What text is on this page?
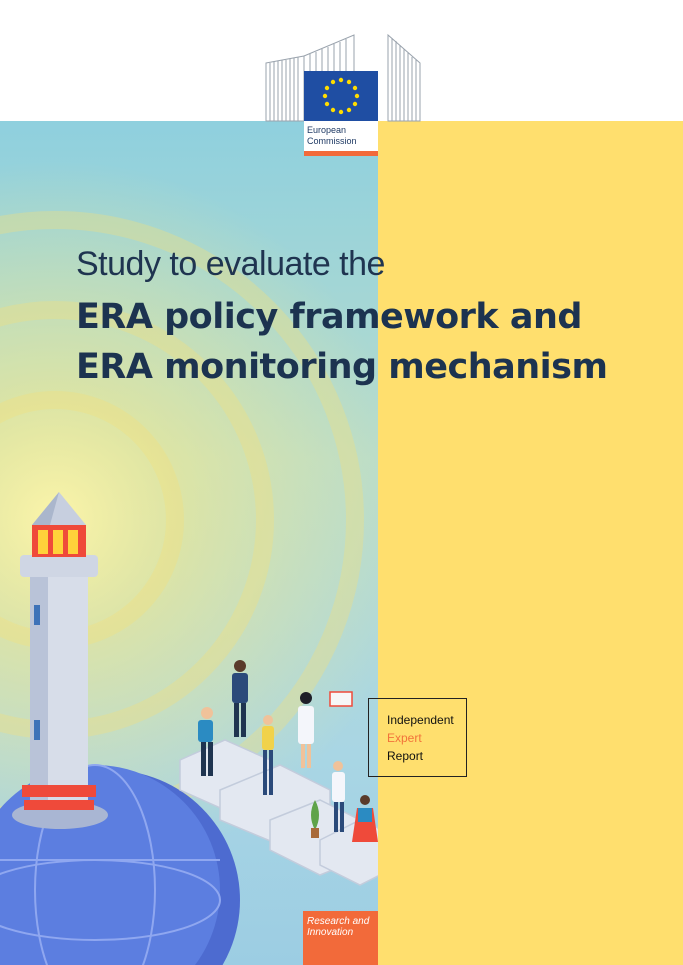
European
Commission
Study to evaluate the
ERA policy framework and
ERA monitoring mechanism
Independent
Expert
Report
Research and
Innovation
